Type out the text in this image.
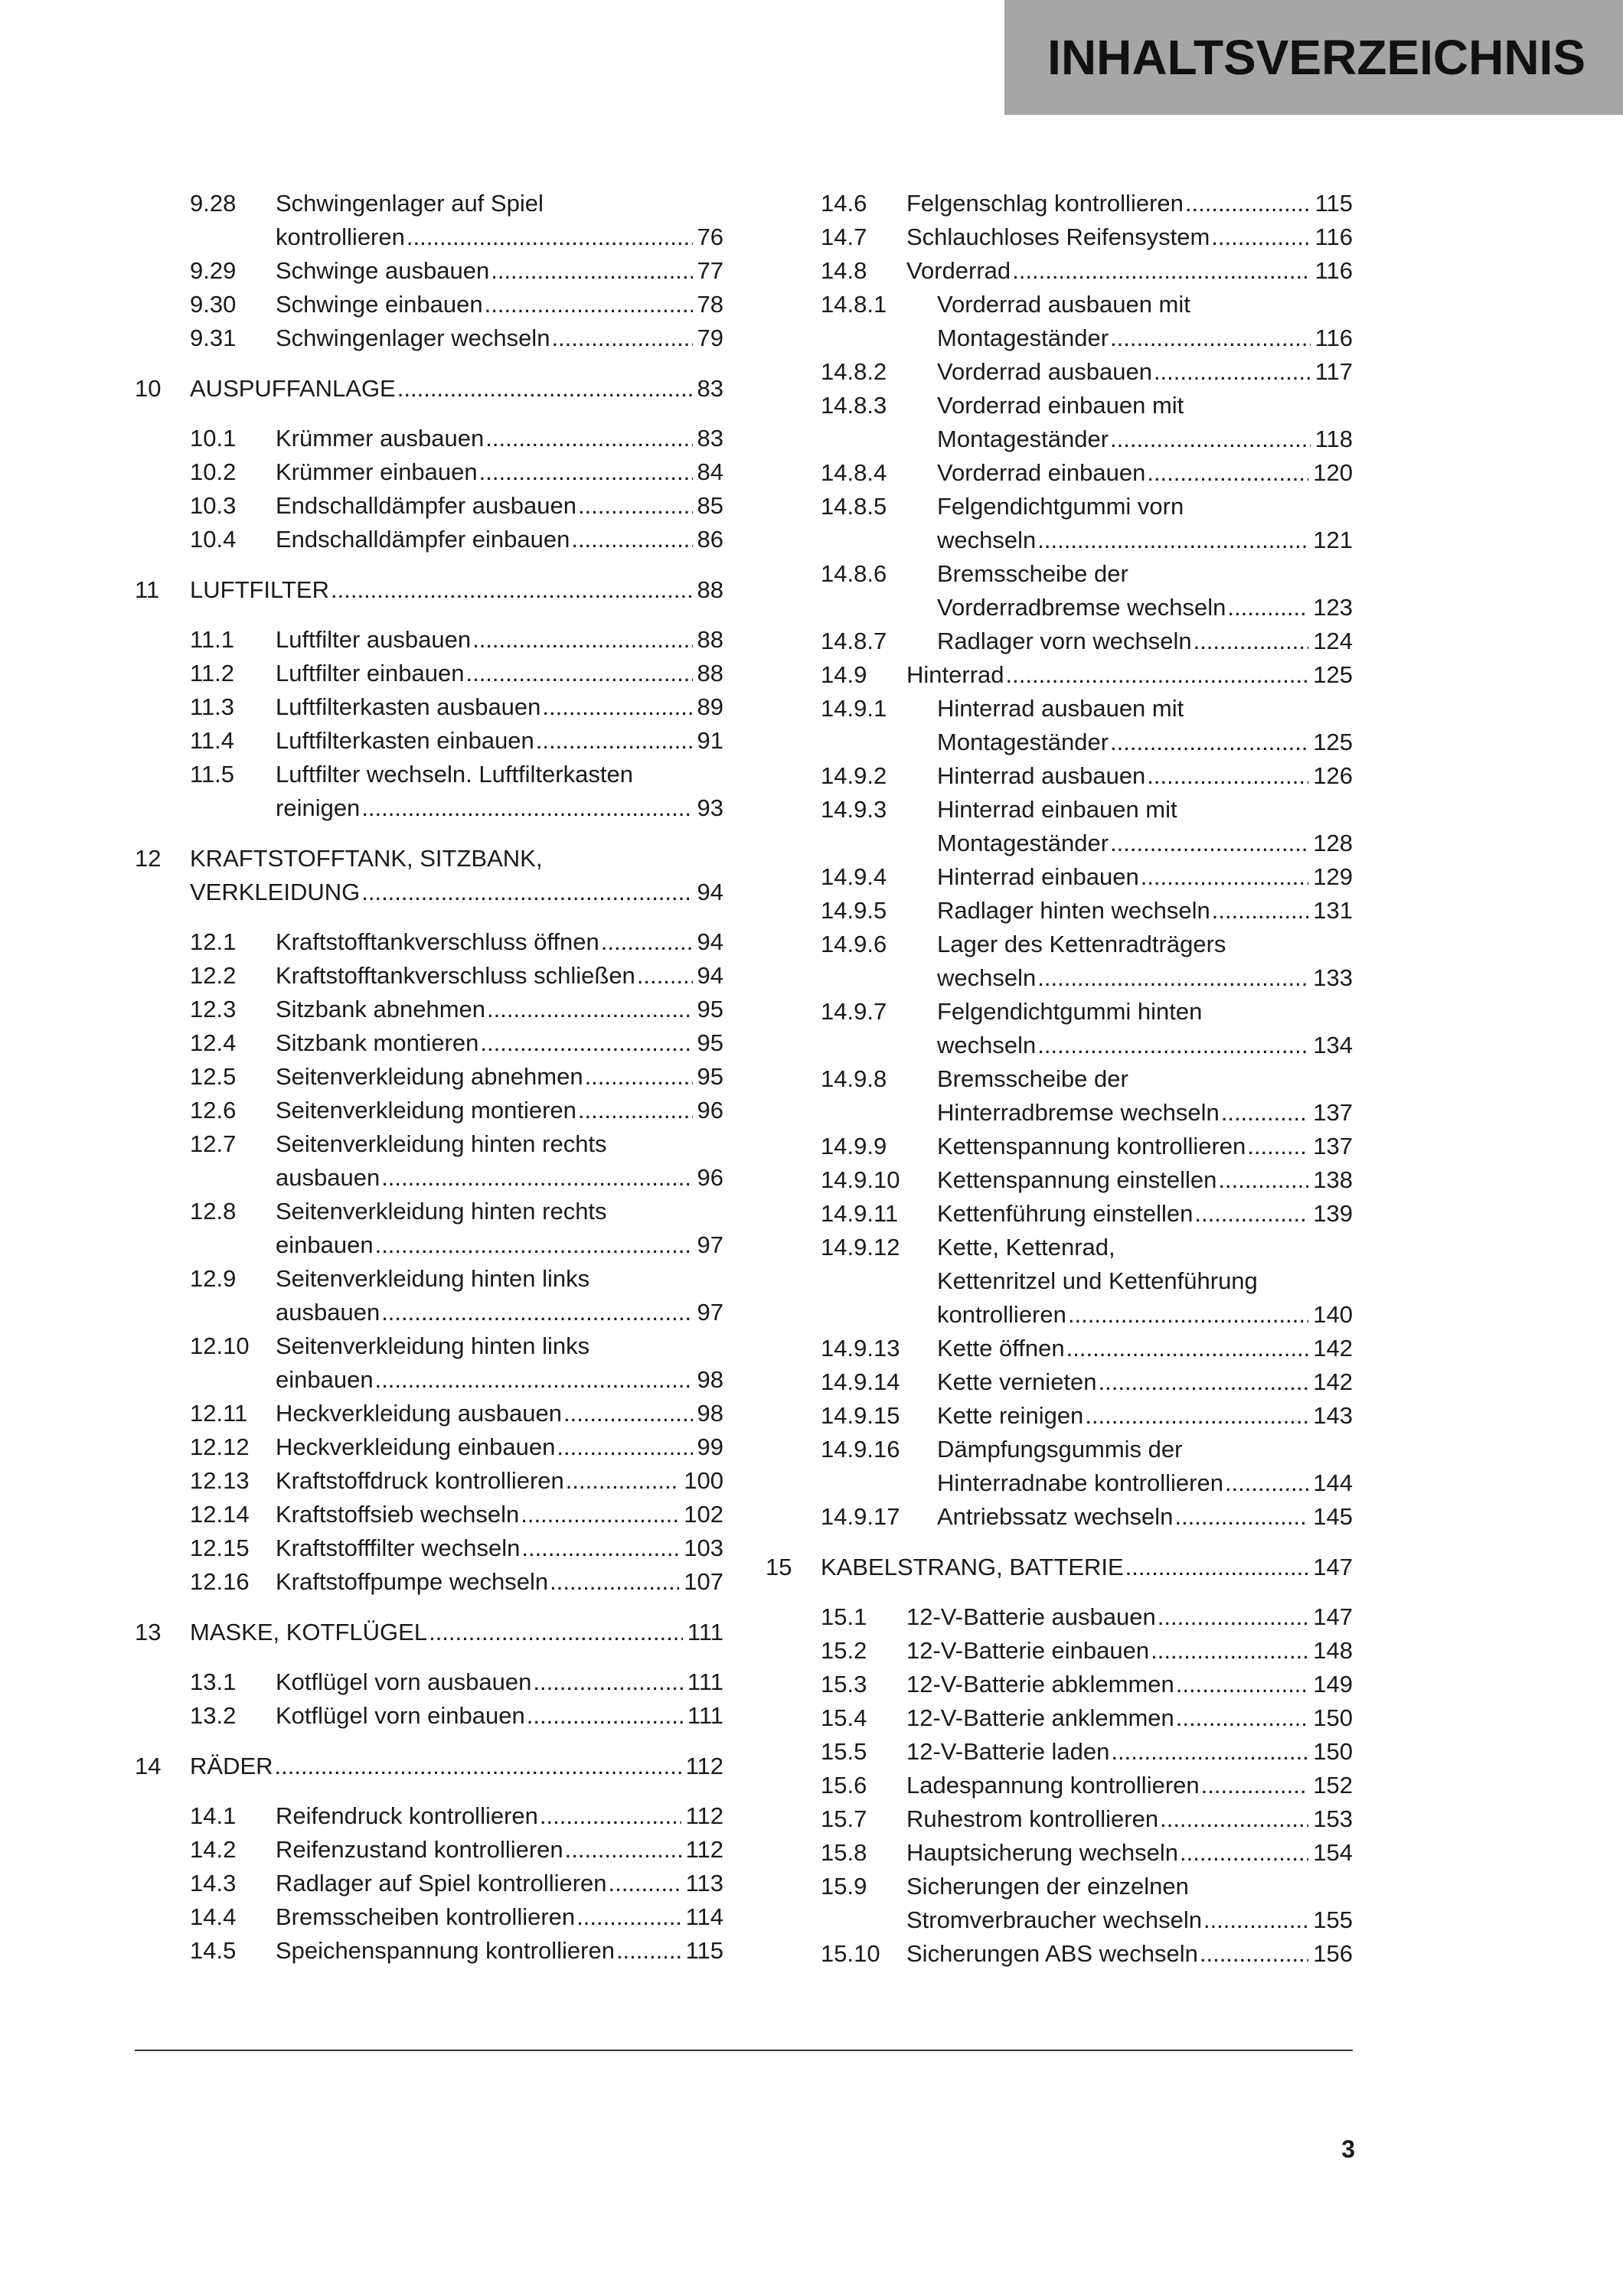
INHALTSVERZEICHNIS
9.28	Schwingenlager auf Spiel
kontrollieren .....	76
9.29	Schwinge ausbauen .....	77
9.30	Schwinge einbauen .....	78
9.31	Schwingenlager wechseln .....	79
10	AUSPUFFANLAGE .....	83
10.1	Krümmer ausbauen .....	83
10.2	Krümmer einbauen .....	84
10.3	Endschalldämpfer ausbauen .....	85
10.4	Endschalldämpfer einbauen .....	86
11	LUFTFILTER .....	88
11.1	Luftfilter ausbauen .....	88
11.2	Luftfilter einbauen .....	88
11.3	Luftfilterkasten ausbauen .....	89
11.4	Luftfilterkasten einbauen .....	91
11.5	Luftfilter wechseln. Luftfilterkasten
reinigen .....	93
12	KRAFTSTOFFTANK, SITZBANK,
VERKLEIDUNG .....	94
12.1	Kraftstofftankverschluss öffnen .....	94
12.2	Kraftstofftankverschluss schließen .....	94
12.3	Sitzbank abnehmen .....	95
12.4	Sitzbank montieren .....	95
12.5	Seitenverkleidung abnehmen .....	95
12.6	Seitenverkleidung montieren .....	96
12.7	Seitenverkleidung hinten rechts
ausbauen .....	96
12.8	Seitenverkleidung hinten rechts
einbauen .....	97
12.9	Seitenverkleidung hinten links
ausbauen .....	97
12.10	Seitenverkleidung hinten links
einbauen .....	98
12.11	Heckverkleidung ausbauen .....	98
12.12	Heckverkleidung einbauen .....	99
12.13	Kraftstoffdruck kontrollieren .....	100
12.14	Kraftstoffsieb wechseln .....	102
12.15	Kraftstofffilter wechseln .....	103
12.16	Kraftstoffpumpe wechseln .....	107
13	MASKE, KOTFLÜGEL .....	111
13.1	Kotflügel vorn ausbauen .....	111
13.2	Kotflügel vorn einbauen .....	111
14	RÄDER .....	112
14.1	Reifendruck kontrollieren .....	112
14.2	Reifenzustand kontrollieren .....	112
14.3	Radlager auf Spiel kontrollieren .....	113
14.4	Bremsscheiben kontrollieren .....	114
14.5	Speichenspannung kontrollieren .....	115
14.6	Felgenschlag kontrollieren .....	115
14.7	Schlauchloses Reifensystem .....	116
14.8	Vorderrad .....	116
14.8.1	Vorderrad ausbauen mit
Montageständer .....	116
14.8.2	Vorderrad ausbauen .....	117
14.8.3	Vorderrad einbauen mit
Montageständer .....	118
14.8.4	Vorderrad einbauen .....	120
14.8.5	Felgendichtgummi vorn
wechseln .....	121
14.8.6	Bremsscheibe der
Vorderradbremse wechseln .....	123
14.8.7	Radlager vorn wechseln .....	124
14.9	Hinterrad .....	125
14.9.1	Hinterrad ausbauen mit
Montageständer .....	125
14.9.2	Hinterrad ausbauen .....	126
14.9.3	Hinterrad einbauen mit
Montageständer .....	128
14.9.4	Hinterrad einbauen .....	129
14.9.5	Radlager hinten wechseln .....	131
14.9.6	Lager des Kettenradträgers
wechseln .....	133
14.9.7	Felgendichtgummi hinten
wechseln .....	134
14.9.8	Bremsscheibe der
Hinterradbremse wechseln .....	137
14.9.9	Kettenspannung kontrollieren .....	137
14.9.10	Kettenspannung einstellen .....	138
14.9.11	Kettenführung einstellen .....	139
14.9.12	Kette, Kettenrad,
Kettenritzel und Kettenführung
kontrollieren .....	140
14.9.13	Kette öffnen .....	142
14.9.14	Kette vernieten .....	142
14.9.15	Kette reinigen .....	143
14.9.16	Dämpfungsgummis der
Hinterradnabe kontrollieren .....	144
14.9.17	Antriebssatz wechseln .....	145
15	KABELSTRANG, BATTERIE .....	147
15.1	12-V-Batterie ausbauen .....	147
15.2	12-V-Batterie einbauen .....	148
15.3	12-V-Batterie abklemmen .....	149
15.4	12-V-Batterie anklemmen .....	150
15.5	12-V-Batterie laden .....	150
15.6	Ladespannung kontrollieren .....	152
15.7	Ruhestrom kontrollieren .....	153
15.8	Hauptsicherung wechseln .....	154
15.9	Sicherungen der einzelnen
Stromverbraucher wechseln .....	155
15.10	Sicherungen ABS wechseln .....	156
3
